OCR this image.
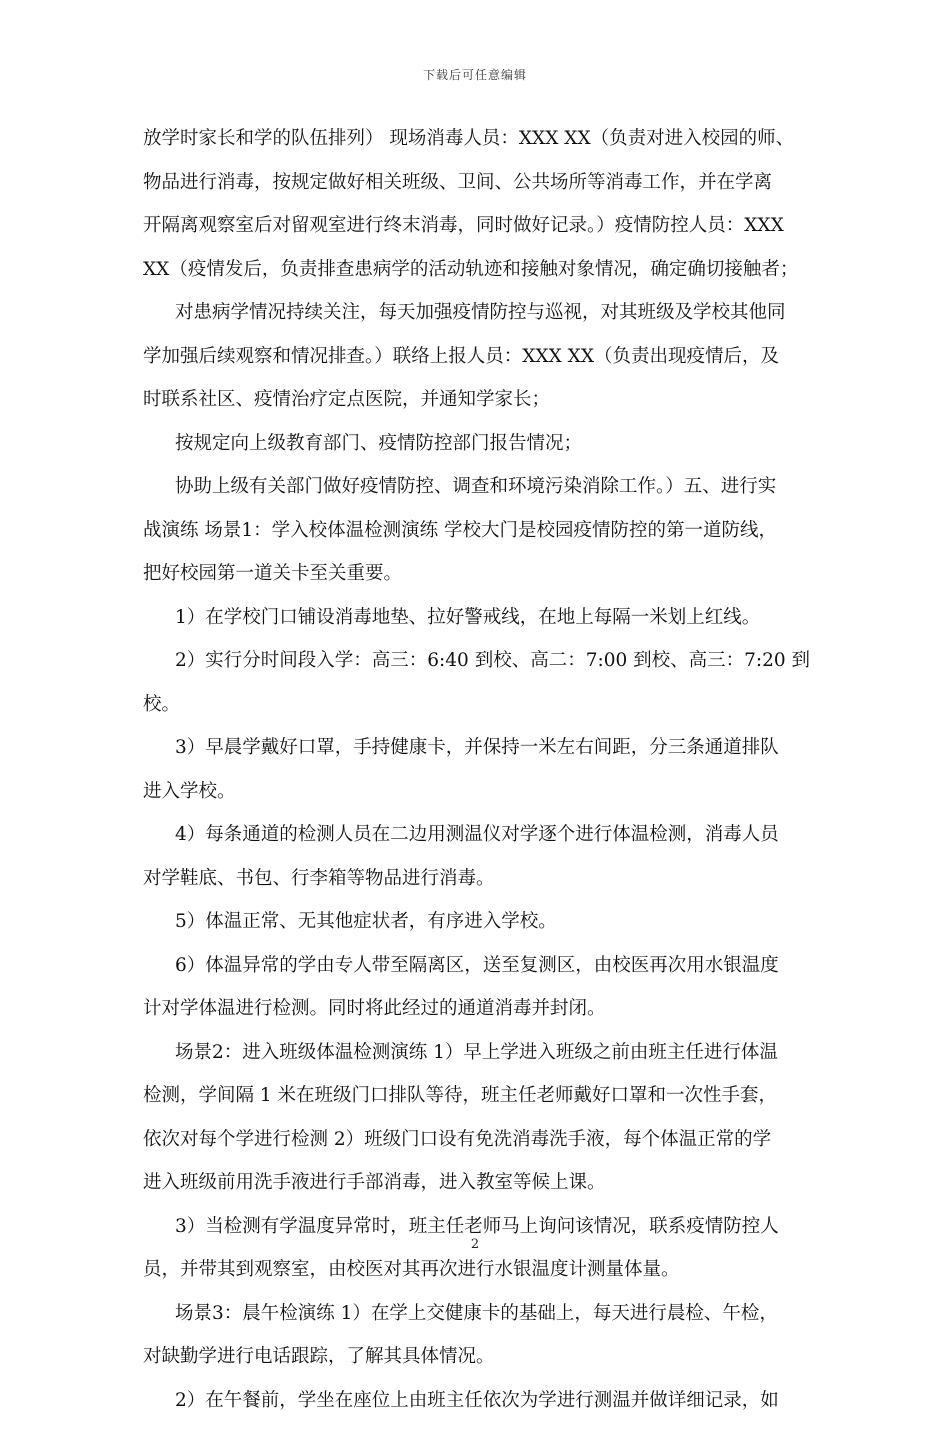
下载后可任意编辑
放学时家长和学的队伍排列） 现场消毒人员：XXX XX（负责对进入校园的师、
物品进行消毒，按规定做好相关班级、卫间、公共场所等消毒工作，并在学离
开隔离观察室后对留观室进行终末消毒，同时做好记录。）疫情防控人员：XXX
XX（疫情发后，负责排查患病学的活动轨迹和接触对象情况，确定确切接触者；
对患病学情况持续关注，每天加强疫情防控与巡视，对其班级及学校其他同
学加强后续观察和情况排查。）联络上报人员：XXX XX（负责出现疫情后，及
时联系社区、疫情治疗定点医院，并通知学家长；
按规定向上级教育部门、疫情防控部门报告情况；
协助上级有关部门做好疫情防控、调查和环境污染消除工作。）五、进行实
战演练 场景1：学入校体温检测演练 学校大门是校园疫情防控的第一道防线，
把好校园第一道关卡至关重要。
1）在学校门口铺设消毒地垫、拉好警戒线，在地上每隔一米划上红线。
2）实行分时间段入学：高三：6:40 到校、高二：7:00 到校、高三：7:20 到
校。
3）早晨学戴好口罩，手持健康卡，并保持一米左右间距，分三条通道排队
进入学校。
4）每条通道的检测人员在二边用测温仪对学逐个进行体温检测，消毒人员
对学鞋底、书包、行李箱等物品进行消毒。
5）体温正常、无其他症状者，有序进入学校。
6）体温异常的学由专人带至隔离区，送至复测区，由校医再次用水银温度
计对学体温进行检测。同时将此经过的通道消毒并封闭。
场景2：进入班级体温检测演练 1）早上学进入班级之前由班主任进行体温
检测，学间隔 1 米在班级门口排队等待，班主任老师戴好口罩和一次性手套，
依次对每个学进行检测 2）班级门口设有免洗消毒洗手液，每个体温正常的学
进入班级前用洗手液进行手部消毒，进入教室等候上课。
3）当检测有学温度异常时，班主任老师马上询问该情况，联系疫情防控人
员，并带其到观察室，由校医对其再次进行水银温度计测量体量。
场景3：晨午检演练 1）在学上交健康卡的基础上，每天进行晨检、午检，
对缺勤学进行电话跟踪，了解其具体情况。
2）在午餐前，学坐在座位上由班主任依次为学进行测温并做详细记录，如
2
